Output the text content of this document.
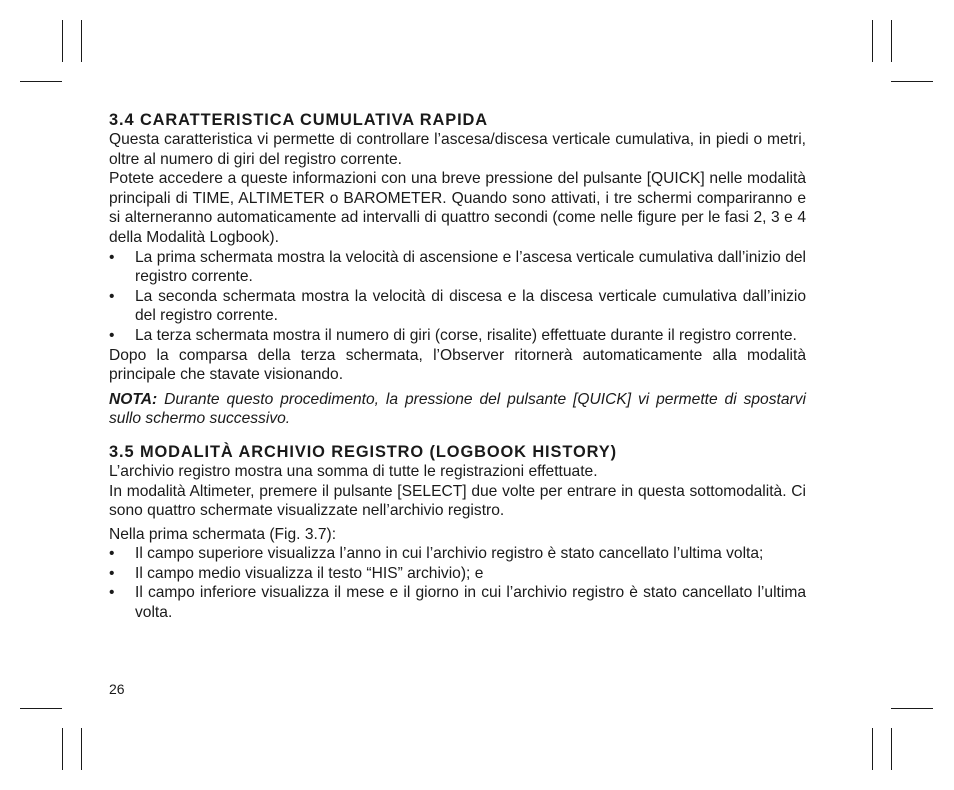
3.4 CARATTERISTICA CUMULATIVA RAPIDA

Questa caratteristica vi permette di controllare l’ascesa/discesa verticale cumulativa, in piedi o metri, oltre al numero di giri del registro corrente.

Potete accedere a queste informazioni con una breve pressione del pulsante [QUICK] nelle modalità principali di TIME, ALTIMETER o BAROMETER. Quando sono attivati, i tre schermi compariranno e si alterneranno automaticamente ad intervalli di quattro secondi (come nelle figure per le fasi 2, 3 e 4 della Modalità Logbook).

• La prima schermata mostra la velocità di ascensione e l’ascesa verticale cumulativa dall’inizio del registro corrente.
• La seconda schermata mostra la velocità di discesa e la discesa verticale cumulativa dall’inizio del registro corrente.
• La terza schermata mostra il numero di giri (corse, risalite) effettuate durante il registro corrente.

Dopo la comparsa della terza schermata, l’Observer ritornerà automaticamente alla modalità principale che stavate visionando.

NOTA: Durante questo procedimento, la pressione del pulsante [QUICK] vi permette di spostarvi sullo schermo successivo.

3.5 MODALITÀ ARCHIVIO REGISTRO (LOGBOOK HISTORY)

L’archivio registro mostra una somma di tutte le registrazioni effettuate.

In modalità Altimeter, premere il pulsante [SELECT] due volte per entrare in questa sottomodalità. Ci sono quattro schermate visualizzate nell’archivio registro.

Nella prima schermata (Fig. 3.7):

• Il campo superiore visualizza l’anno in cui l’archivio registro è stato cancellato l’ultima volta;
• Il campo medio visualizza il testo “HIS” archivio); e
• Il campo inferiore visualizza il mese e il giorno in cui l’archivio registro è stato cancellato l’ultima volta.
26
